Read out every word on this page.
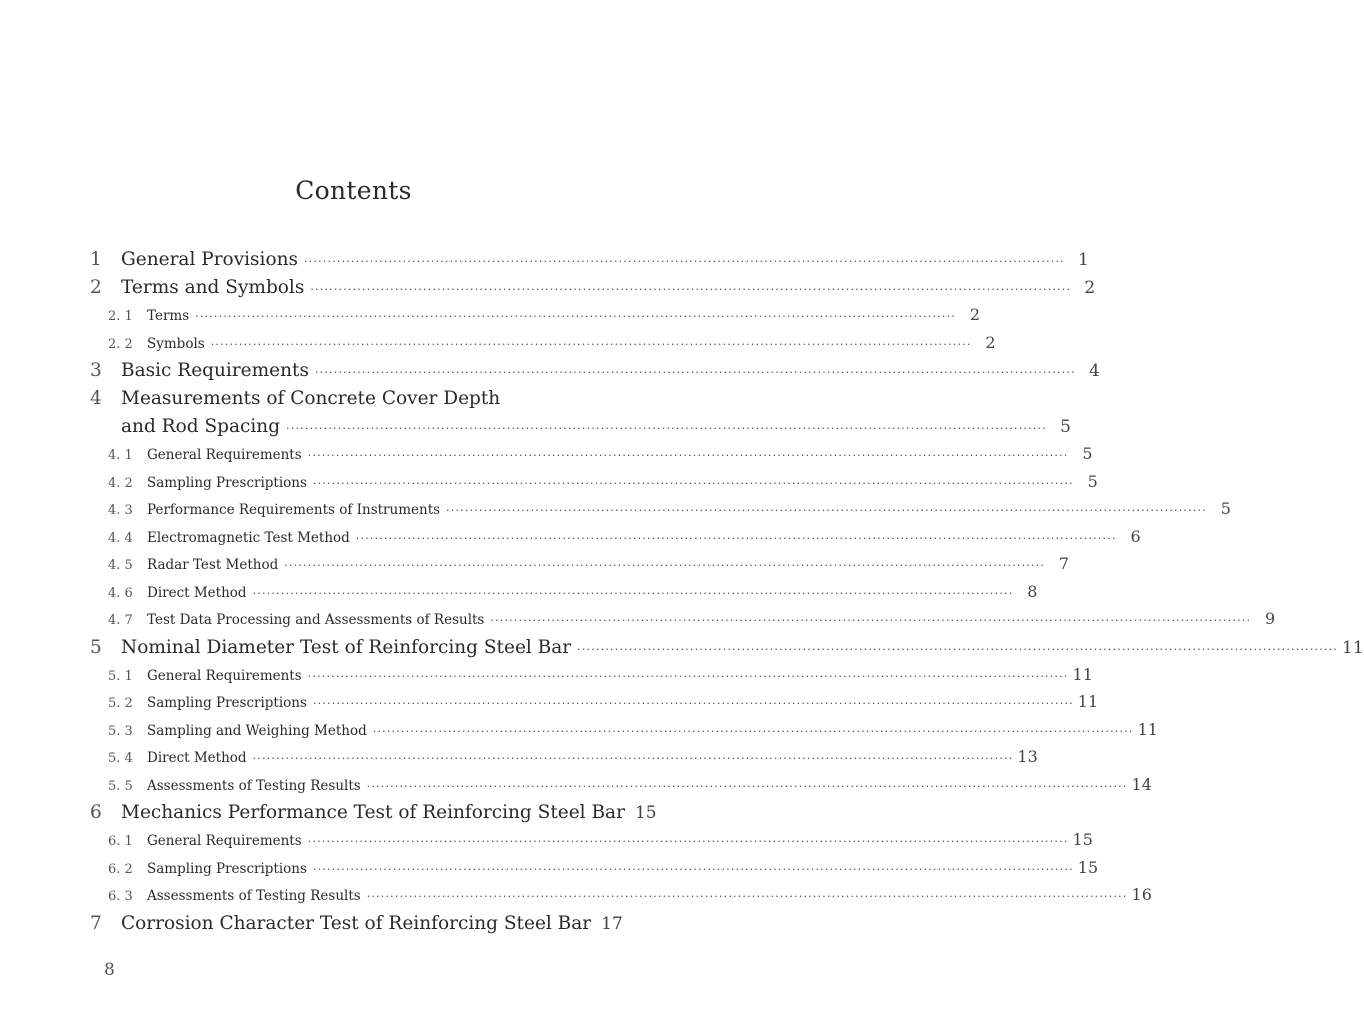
Contents
1	General Provisions ·····	1
2	Terms and Symbols ·····	2
2. 1	Terms ·····	2
2. 2	Symbols ·····	2
3	Basic Requirements ·····	4
4	Measurements of Concrete Cover Depth
and Rod Spacing ·····	5
4. 1	General Requirements ·····	5
4. 2	Sampling Prescriptions ·····	5
4. 3	Performance Requirements of Instruments ·····	5
4. 4	Electromagnetic Test Method ·····	6
4. 5	Radar Test Method ·····	7
4. 6	Direct Method ·····	8
4. 7	Test Data Processing and Assessments of Results ·····	9
5	Nominal Diameter Test of Reinforcing Steel Bar ·····	11
5. 1	General Requirements ·····	11
5. 2	Sampling Prescriptions ·····	11
5. 3	Sampling and Weighing Method ·····	11
5. 4	Direct Method ·····	13
5. 5	Assessments of Testing Results ·····	14
6	Mechanics Performance Test of Reinforcing Steel Bar 15
6. 1	General Requirements ·····	15
6. 2	Sampling Prescriptions ·····	15
6. 3	Assessments of Testing Results ·····	16
7	Corrosion Character Test of Reinforcing Steel Bar 17
8
